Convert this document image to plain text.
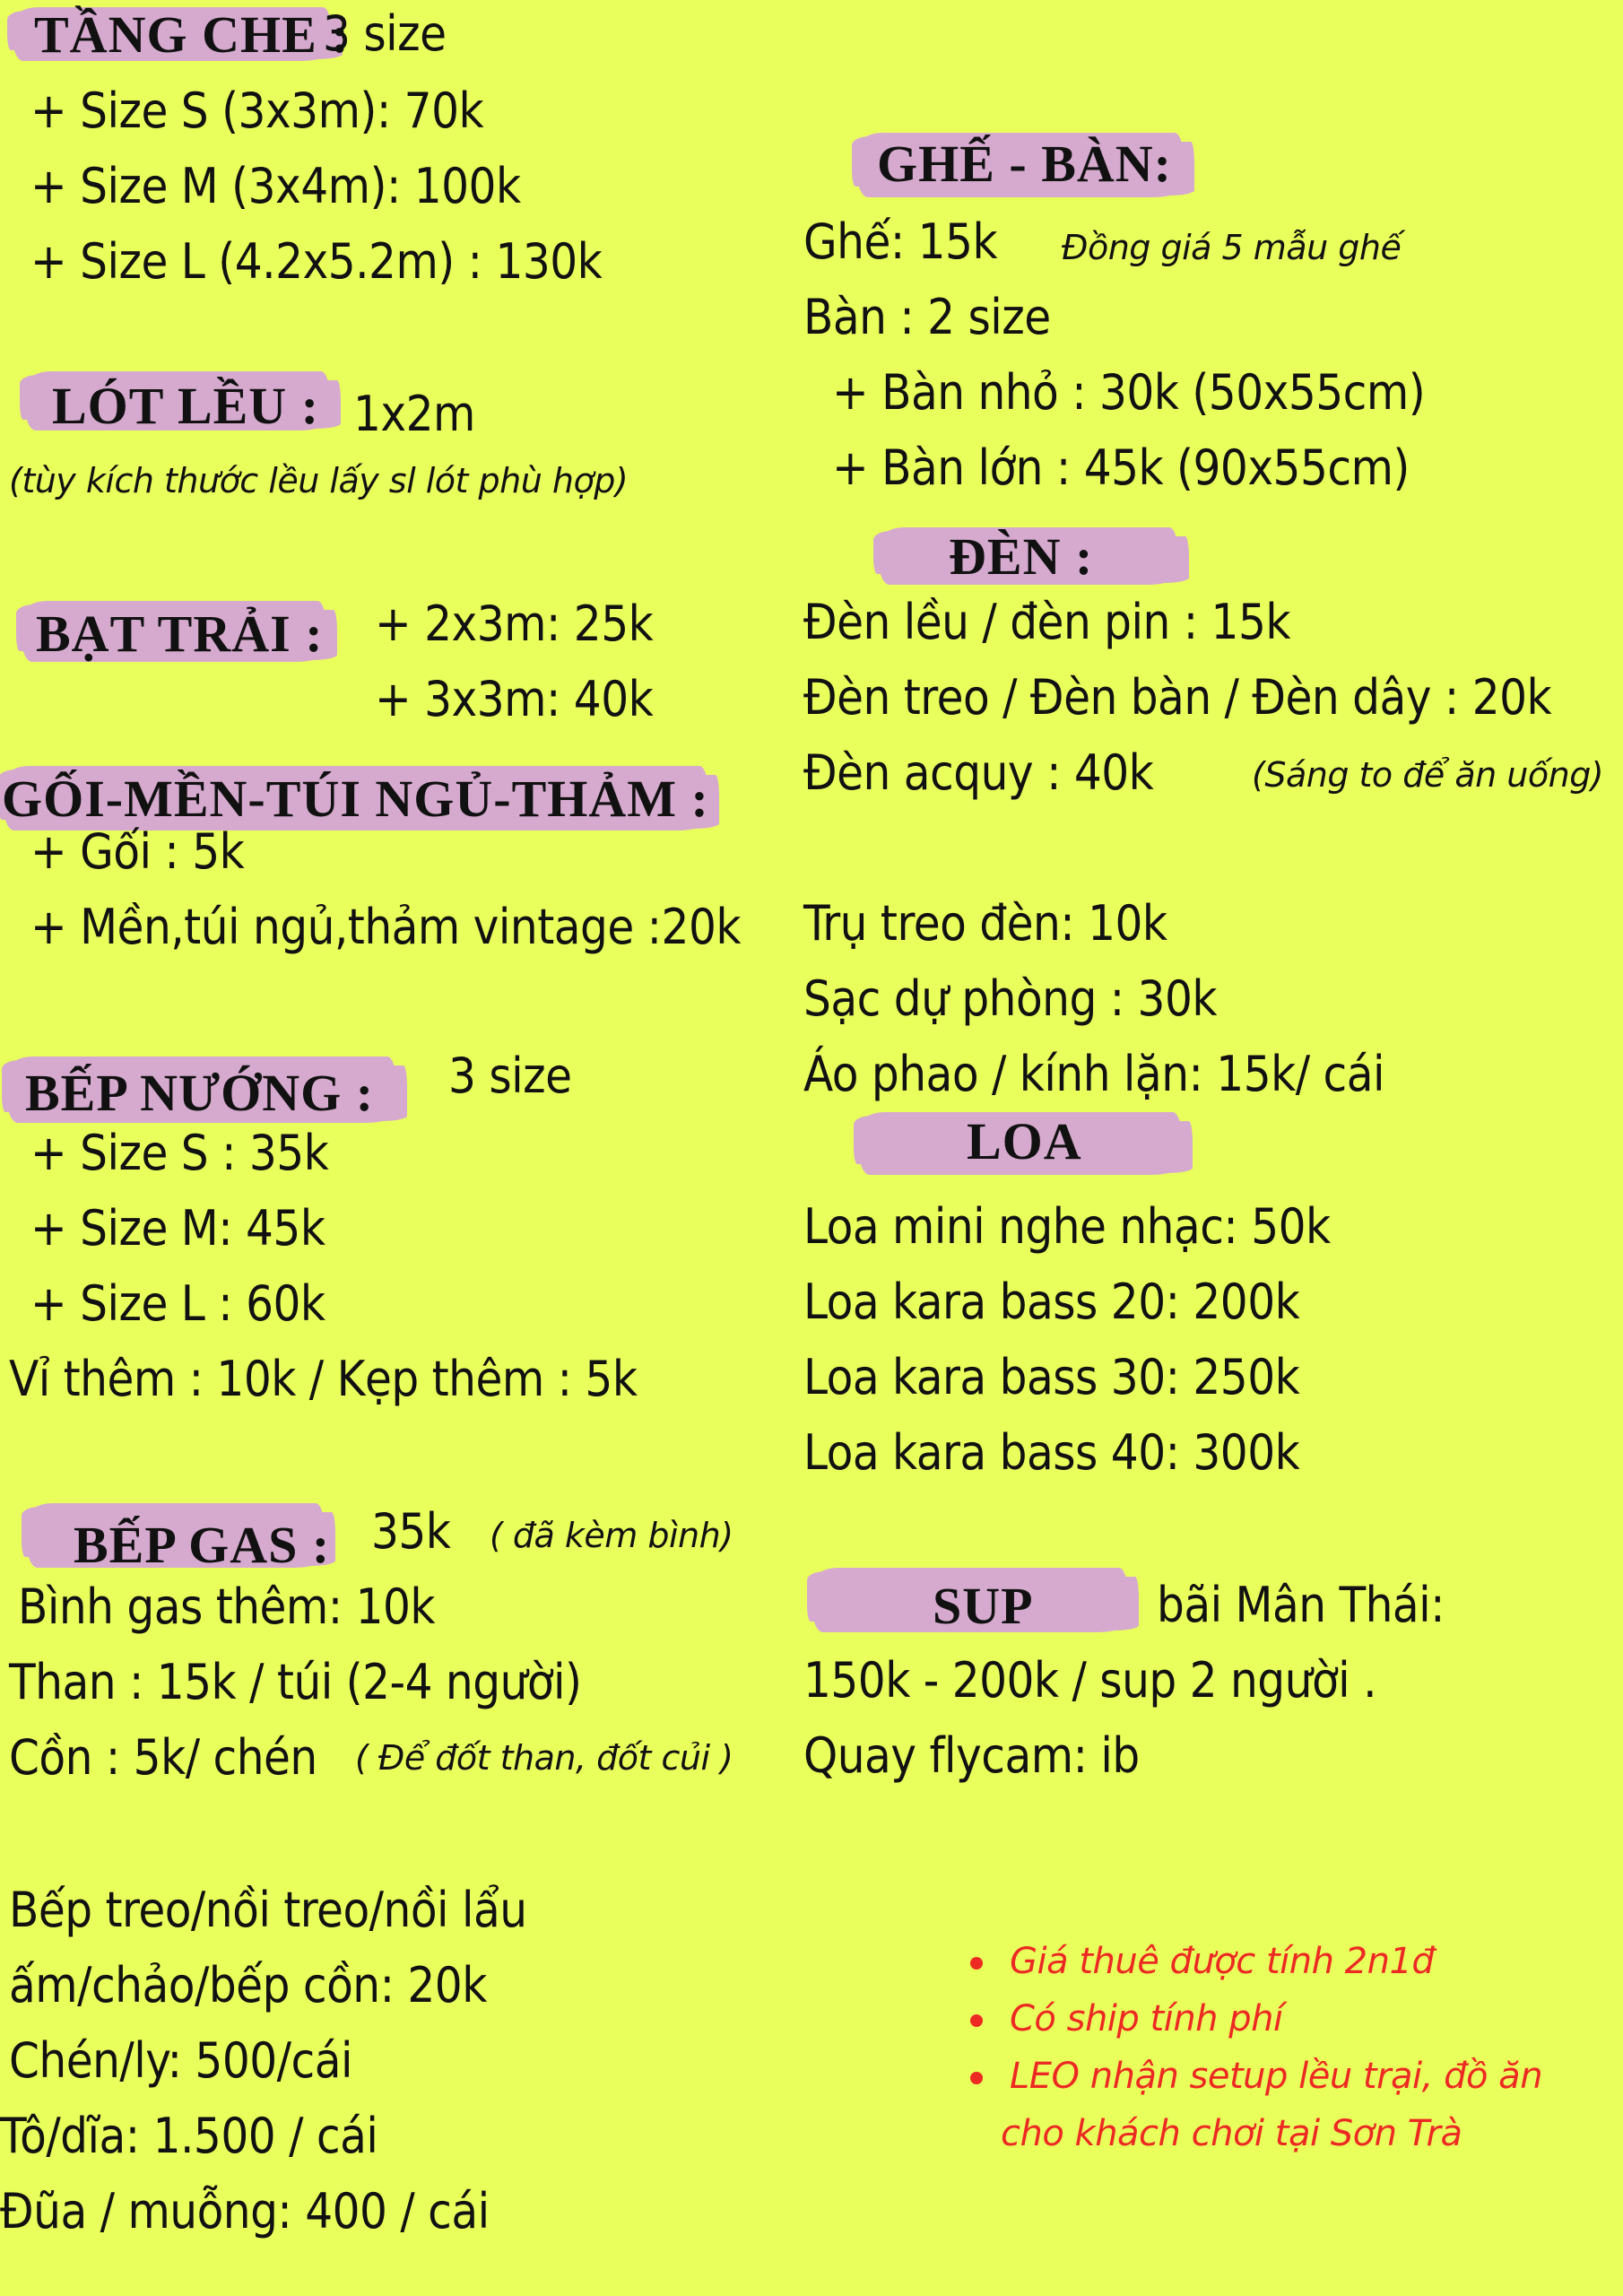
TẦNG CHE :
3 size
+ Size S (3x3m): 70k
+ Size M (3x4m): 100k
+ Size L (4.2x5.2m) : 130k
LÓT LỀU : 1x2m
(tùy kích thước lều lấy sl lót phù hợp)
BẠT TRẢI : + 2x3m: 25k
+ 3x3m: 40k
GỐI-MỀN-TÚI NGỦ-THẢM :
+ Gối : 5k
+ Mền,túi ngủ,thảm vintage :20k
BẾP NƯỚNG : 3 size
+ Size S : 35k
+ Size M: 45k
+ Size L : 60k
Vỉ thêm : 10k / Kẹp thêm : 5k
BẾP GAS : 35k ( đã kèm bình)
Bình gas thêm: 10k
Than : 15k / túi (2-4 người)
Cồn : 5k/ chén ( Để đốt than, đốt củi )
Bếp treo/nồi treo/nồi lẩu
ấm/chảo/bếp cồn: 20k
Chén/ly: 500/cái
Tô/dĩa: 1.500 / cái
Đũa / muỗng: 400 / cái
GHẾ - BÀN:
Ghế: 15k Đồng giá 5 mẫu ghế
Bàn : 2 size
+ Bàn nhỏ : 30k (50x55cm)
+ Bàn lớn : 45k (90x55cm)
ĐÈN :
Đèn lều / đèn pin : 15k
Đèn treo / Đèn bàn / Đèn dây : 20k
Đèn acquy : 40k	(Sáng to để ăn uống)
Trụ treo đèn: 10k
Sạc dự phòng : 30k
Áo phao / kính lặn: 15k/ cái
LOA
Loa mini nghe nhạc: 50k
Loa kara bass 20: 200k
Loa kara bass 30: 250k
Loa kara bass 40: 300k
SUP	bãi Mân Thái:
150k - 200k / sup 2 người .
Quay flycam: ib
Giá thuê được tính 2n1đ
Có ship tính phí
LEO nhận setup lều trại, đồ ăn
cho khách chơi tại Sơn Trà
